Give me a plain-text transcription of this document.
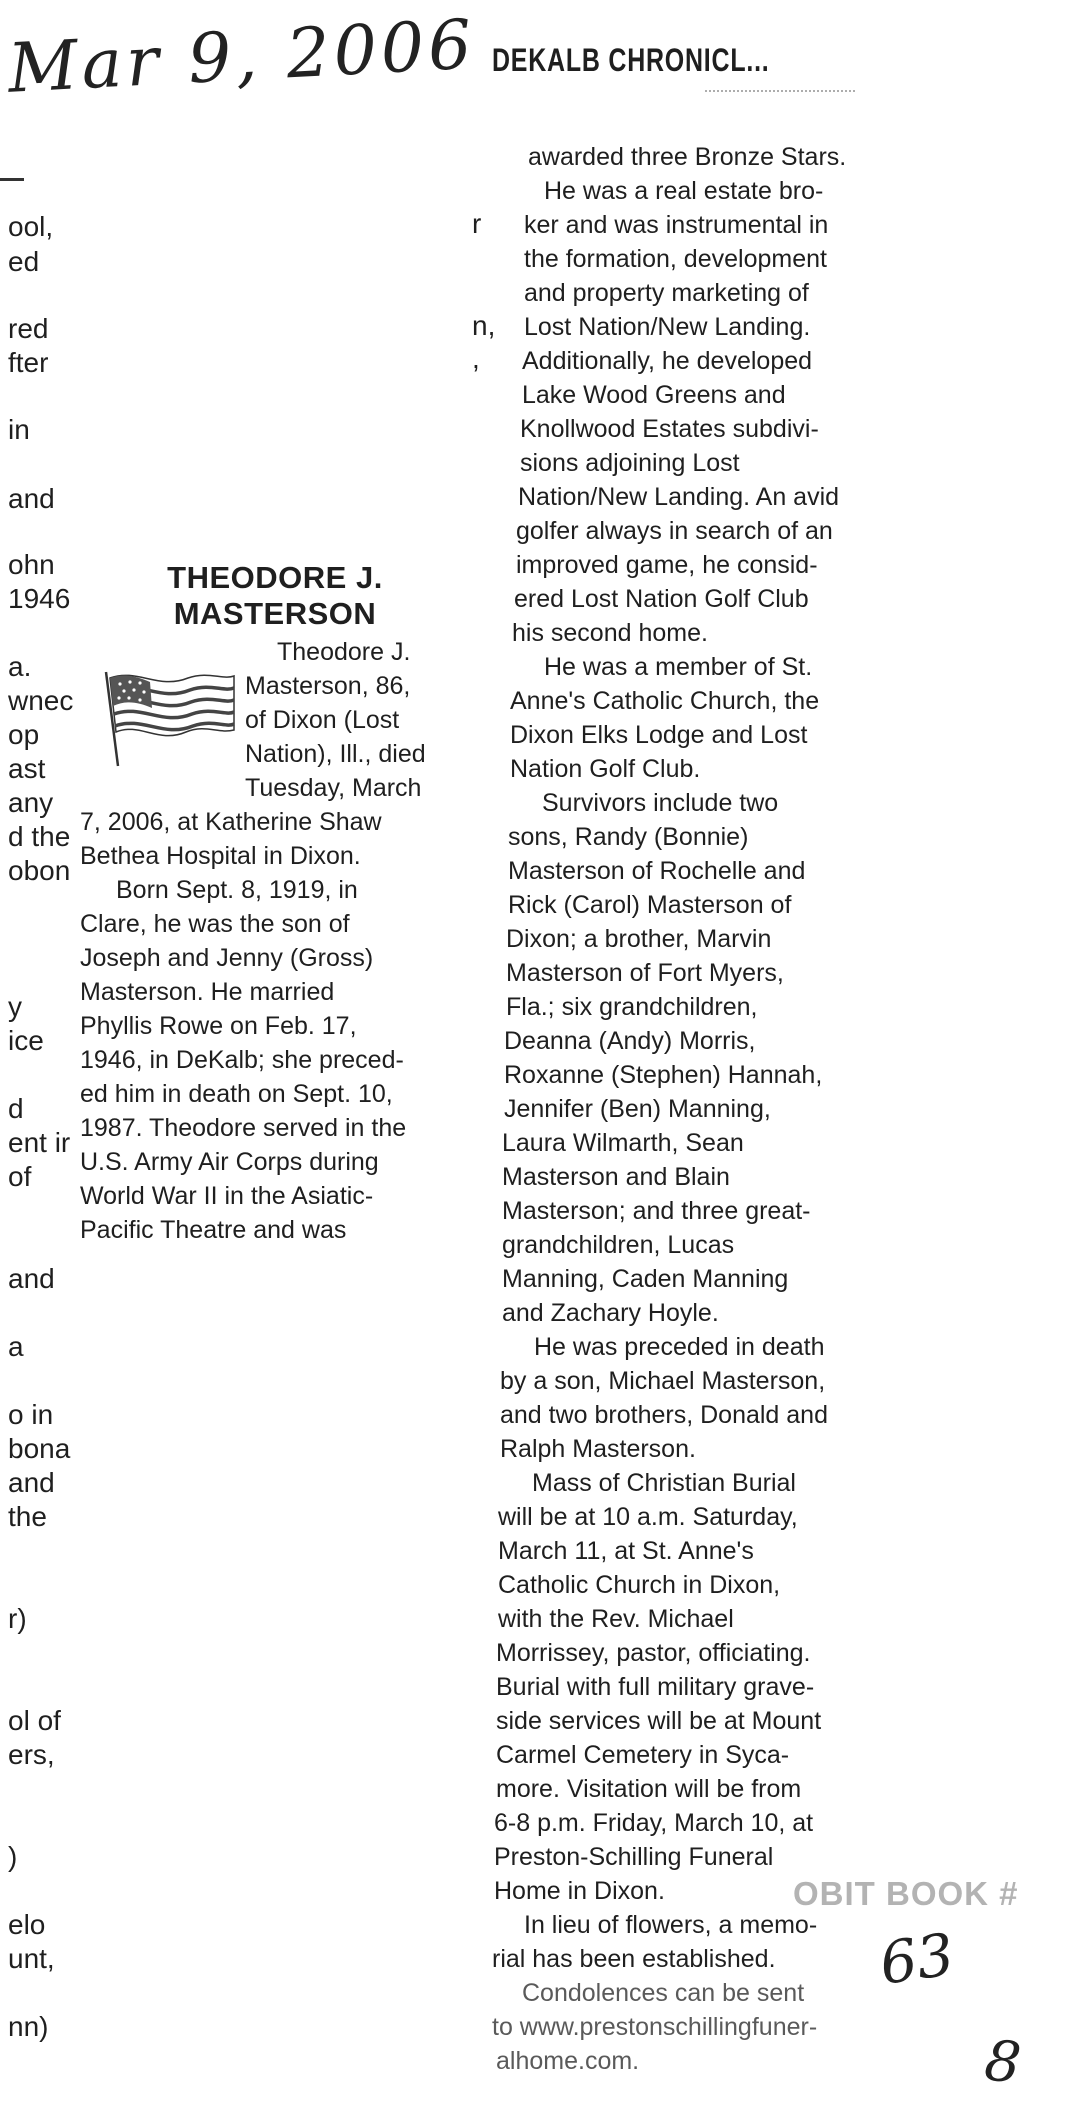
Mar 9, 2006 DEKALB CHRONICL...
ool,
ed
red
fter
in
and
ohn
1946
a.
wnec
op
ast
any
d the
obon
y
ice
d
ent ir
of
and
a
o in
bona
and
the
r)
ol of
ers,
)
elo
unt,
nn)
r
n,
,
THEODORE J.
MASTERSON
Theodore J.
Masterson, 86,
of Dixon (Lost
Nation), Ill., died
Tuesday, March
7, 2006, at Katherine Shaw
Bethea Hospital in Dixon.
Born Sept. 8, 1919, in
Clare, he was the son of
Joseph and Jenny (Gross)
Masterson. He married
Phyllis Rowe on Feb. 17,
1946, in DeKalb; she preced-
ed him in death on Sept. 10,
1987. Theodore served in the
U.S. Army Air Corps during
World War II in the Asiatic-
Pacific Theatre and was
awarded three Bronze Stars.
He was a real estate bro-
ker and was instrumental in
the formation, development
and property marketing of
Lost Nation/New Landing.
Additionally, he developed
Lake Wood Greens and
Knollwood Estates subdivi-
sions adjoining Lost
Nation/New Landing. An avid
golfer always in search of an
improved game, he consid-
ered Lost Nation Golf Club
his second home.
He was a member of St.
Anne's Catholic Church, the
Dixon Elks Lodge and Lost
Nation Golf Club.
Survivors include two
sons, Randy (Bonnie)
Masterson of Rochelle and
Rick (Carol) Masterson of
Dixon; a brother, Marvin
Masterson of Fort Myers,
Fla.; six grandchildren,
Deanna (Andy) Morris,
Roxanne (Stephen) Hannah,
Jennifer (Ben) Manning,
Laura Wilmarth, Sean
Masterson and Blain
Masterson; and three great-
grandchildren, Lucas
Manning, Caden Manning
and Zachary Hoyle.
He was preceded in death
by a son, Michael Masterson,
and two brothers, Donald and
Ralph Masterson.
Mass of Christian Burial
will be at 10 a.m. Saturday,
March 11, at St. Anne's
Catholic Church in Dixon,
with the Rev. Michael
Morrissey, pastor, officiating.
Burial with full military grave-
side services will be at Mount
Carmel Cemetery in Syca-
more. Visitation will be from
6-8 p.m. Friday, March 10, at
Preston-Schilling Funeral
Home in Dixon.
In lieu of flowers, a memo-
rial has been established.
Condolences can be sent
to www.prestonschillingfuner-
alhome.com.
OBIT BOOK #
63
8
